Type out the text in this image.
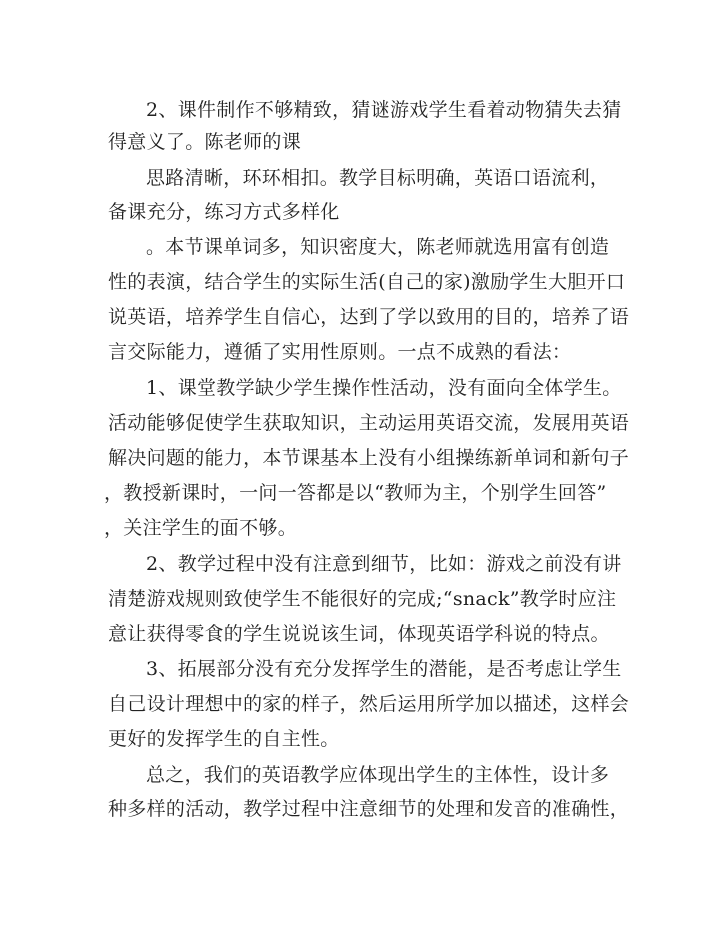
2、课件制作不够精致，猜谜游戏学生看着动物猜失去猜
得意义了。陈老师的课
思路清晰，环环相扣。教学目标明确，英语口语流利，
备课充分，练习方式多样化
。本节课单词多，知识密度大，陈老师就选用富有创造
性的表演，结合学生的实际生活(自己的家)激励学生大胆开口
说英语，培养学生自信心，达到了学以致用的目的，培养了语
言交际能力，遵循了实用性原则。一点不成熟的看法：
1、课堂教学缺少学生操作性活动，没有面向全体学生。
活动能够促使学生获取知识，主动运用英语交流，发展用英语
解决问题的能力，本节课基本上没有小组操练新单词和新句子
，教授新课时，一问一答都是以“教师为主，个别学生回答”
，关注学生的面不够。
2、教学过程中没有注意到细节，比如：游戏之前没有讲
清楚游戏规则致使学生不能很好的完成;“snack”教学时应注
意让获得零食的学生说说该生词，体现英语学科说的特点。
3、拓展部分没有充分发挥学生的潜能，是否考虑让学生
自己设计理想中的家的样子，然后运用所学加以描述，这样会
更好的发挥学生的自主性。
总之，我们的英语教学应体现出学生的主体性，设计多
种多样的活动，教学过程中注意细节的处理和发音的准确性，
